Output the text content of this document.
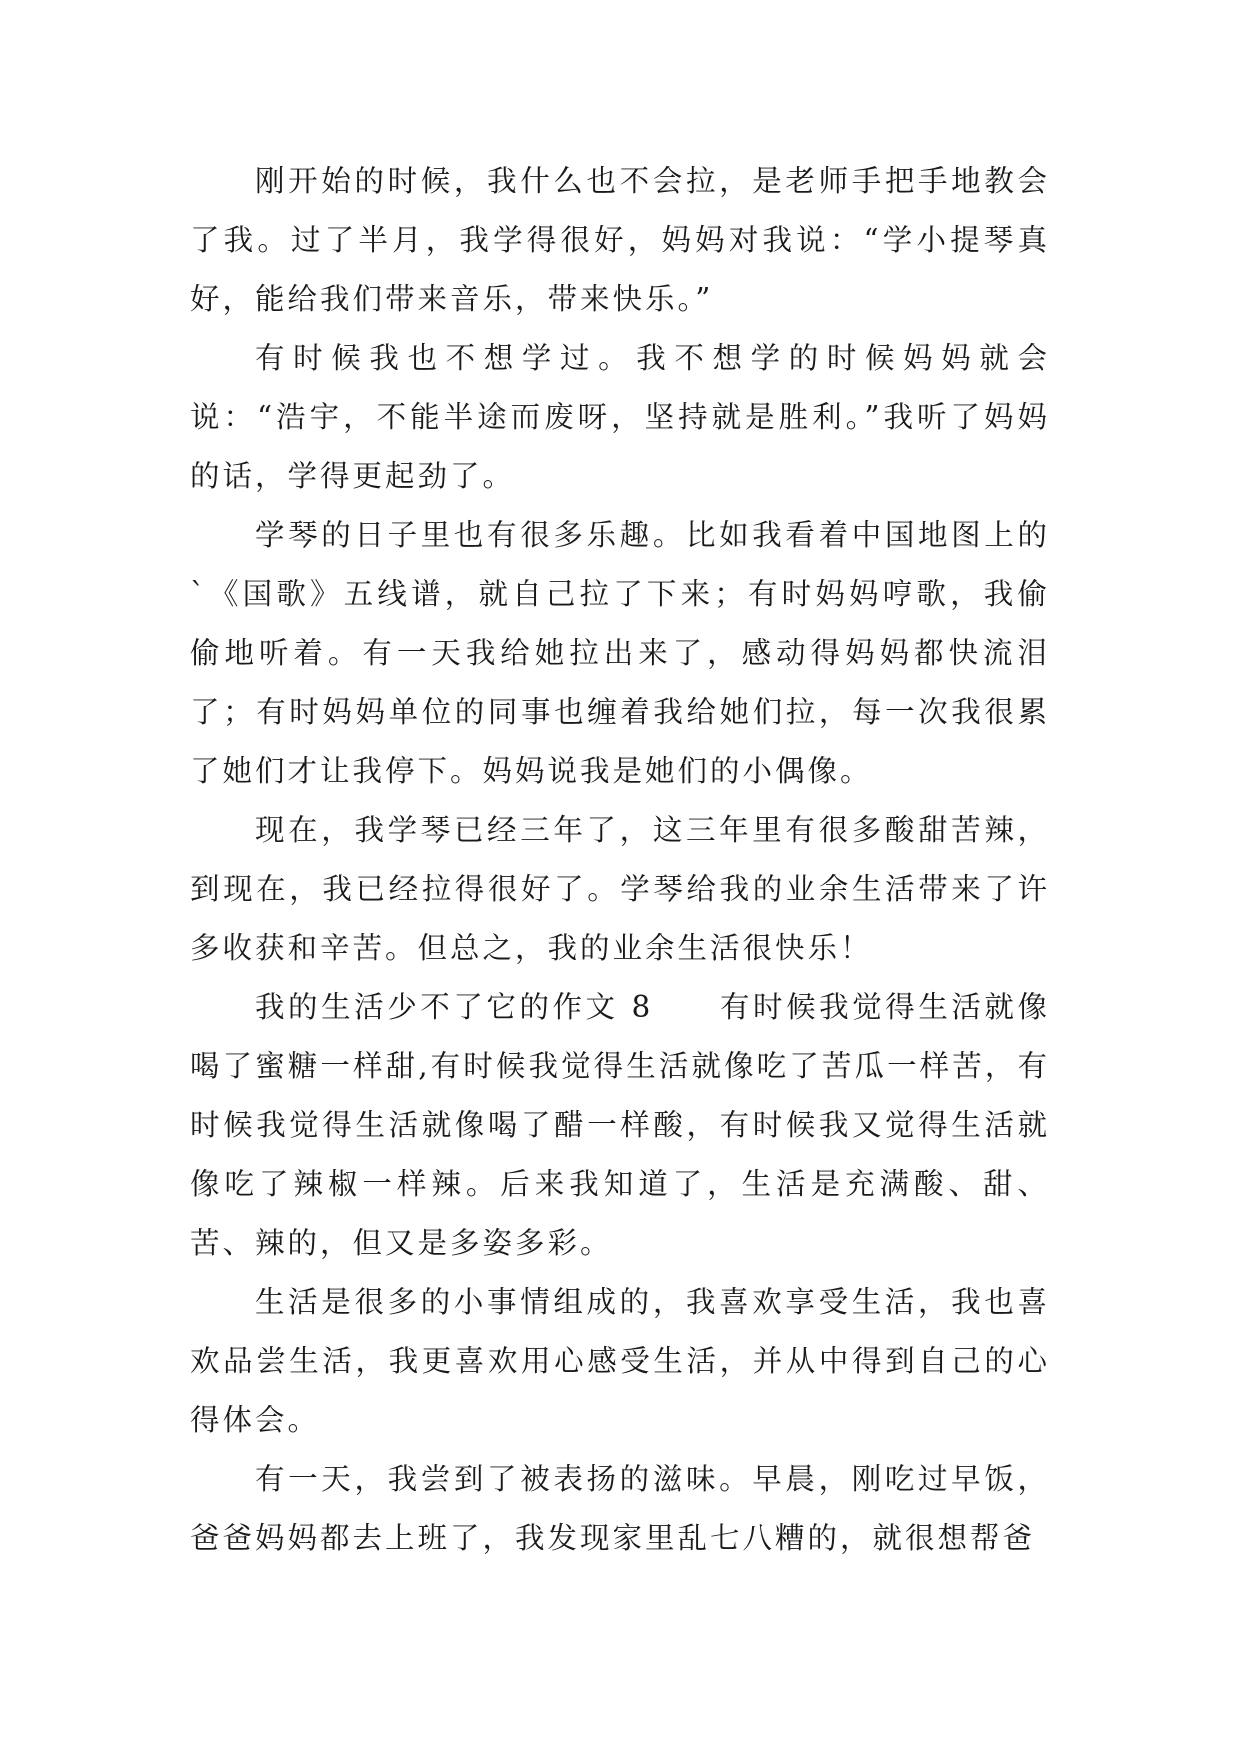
刚开始的时候，我什么也不会拉，是老师手把手地教会了我。过了半月，我学得很好，妈妈对我说：“学小提琴真好，能给我们带来音乐，带来快乐。”

有时候我也不想学过。我不想学的时候妈妈就会说：“浩宇，不能半途而废呀，坚持就是胜利。”我听了妈妈的话，学得更起劲了。

学琴的日子里也有很多乐趣。比如我看着中国地图上的`《国歌》五线谱，就自己拉了下来；有时妈妈哼歌，我偷偷地听着。有一天我给她拉出来了，感动得妈妈都快流泪了；有时妈妈单位的同事也缠着我给她们拉，每一次我很累了她们才让我停下。妈妈说我是她们的小偶像。

现在，我学琴已经三年了，这三年里有很多酸甜苦辣，到现在，我已经拉得很好了。学琴给我的业余生活带来了许多收获和辛苦。但总之，我的业余生活很快乐！

我的生活少不了它的作文 8　　有时候我觉得生活就像喝了蜜糖一样甜,有时候我觉得生活就像吃了苦瓜一样苦，有时候我觉得生活就像喝了醋一样酸，有时候我又觉得生活就像吃了辣椒一样辣。后来我知道了，生活是充满酸、甜、苦、辣的，但又是多姿多彩。

生活是很多的小事情组成的，我喜欢享受生活，我也喜欢品尝生活，我更喜欢用心感受生活，并从中得到自己的心得体会。

有一天，我尝到了被表扬的滋味。早晨，刚吃过早饭，爸爸妈妈都去上班了，我发现家里乱七八糟的，就很想帮爸
